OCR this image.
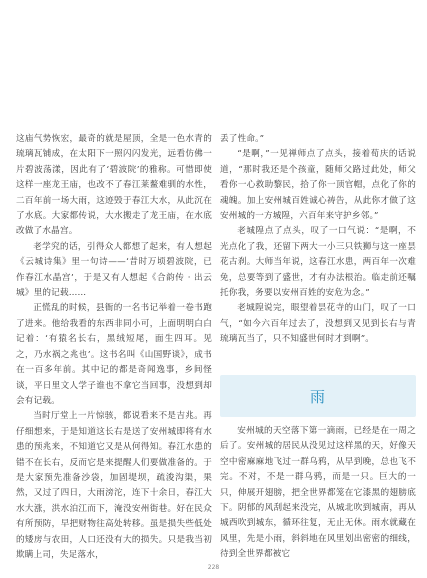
这庙气势恢宏，最奇的就是屋顶，全是一色水青的琉璃瓦铺成，在太阳下一照闪闪发光，远看仿佛一片碧波荡漾，因此有了‘碧波院’的雅称。可惜即使这样一座龙王庙，也改不了春江莱鳌难驯的水性，二百年前一场大雨，这迹毁于春江大水，从此沉在了水底。大家都传说，大水搬走了龙王庙，在水底改做了水晶宫。

老学究的话，引得众人都想了起来，有人想起《云城诗集》里一句诗——‘昔时万顷碧波院，已作春江水晶宫’，于是又有人想起《合韵传 · 出云城》里的记载……

正慌乱的时候，县衙的一名书记举着一卷书跑了进来。他给我看的东西非同小可，上面明明白白记着：‘有猿名长右，黑绒短尾，面生四耳。见之，乃水祸之兆也’。这书名叫《山国野谈》，成书在一百多年前。其中记的都是奇闻逸事，乡间怪谈，平日里文人学子谁也不拿它当回事，没想到却会有记载。

当时厅堂上一片惊骇，都说看来不是吉兆。再仔细想来，于是知道这长右是送了安州城即将有水患的预兆来，不知道它又是从何得知。春江水患的错不在长右，反而它是来提醒人们要做准备的。于是大家预先准备沙袋，加固堤坝，疏浚沟渠，果然，又过了四日，大雨滂沱，连下十余日，春江大水大涨，洪水泊江而下，淹没安州街巷。好在民众有所预防，早把财物往高处转移。虽是损失些低处的矮房与农田，人口还没有大的损失。只是我当初欺瞒上司，失足落水，

丢了性命。”

“是啊，”一见禅师点了点头，接着荀庆的话说道，“那时我还是个孩童，随师父路过此处，师父看你一心救助黎民，拾了你一顶官帽，点化了你的魂魄。加上安州城百姓诚心祷告，从此你才做了这安州城的一方城隍，六百年来守护乡邻。”

老城隍点了点头，叹了一口气说：“是啊，不光点化了我，还留下两大一小三只铁狮与这一座昙花古刹。大师当年说，这春江水患，两百年一次难免，总要等到了盛世，才有办法根治。临走前还嘱托你我，务要以安州百姓的安危为念。”

老城隍说完，眼望着昙花寺的山门，叹了一口气，“如今六百年过去了，没想到又见到长右与青琉璃瓦当了，只不知盛世何时才到啊”。

雨

安州城的天空落下第一滴雨，已经是在一周之后了。安州城的居民从没见过这样黑的天，好像天空中密麻麻地飞过一群乌鸦，从早到晚，总也飞不完。不对，不是一群乌鸦，而是一只。巨大的一只，伸展开翅膀，把全世界都笼在它漆黑的翅膀底下。阴郁的风刮起来没完，从城北吹到城南，再从城西吹到城东，循环往复，无止无休。雨水就藏在风里，先是小雨，斜斜地在风里划出密密的细线，待到全世界都被它

228
